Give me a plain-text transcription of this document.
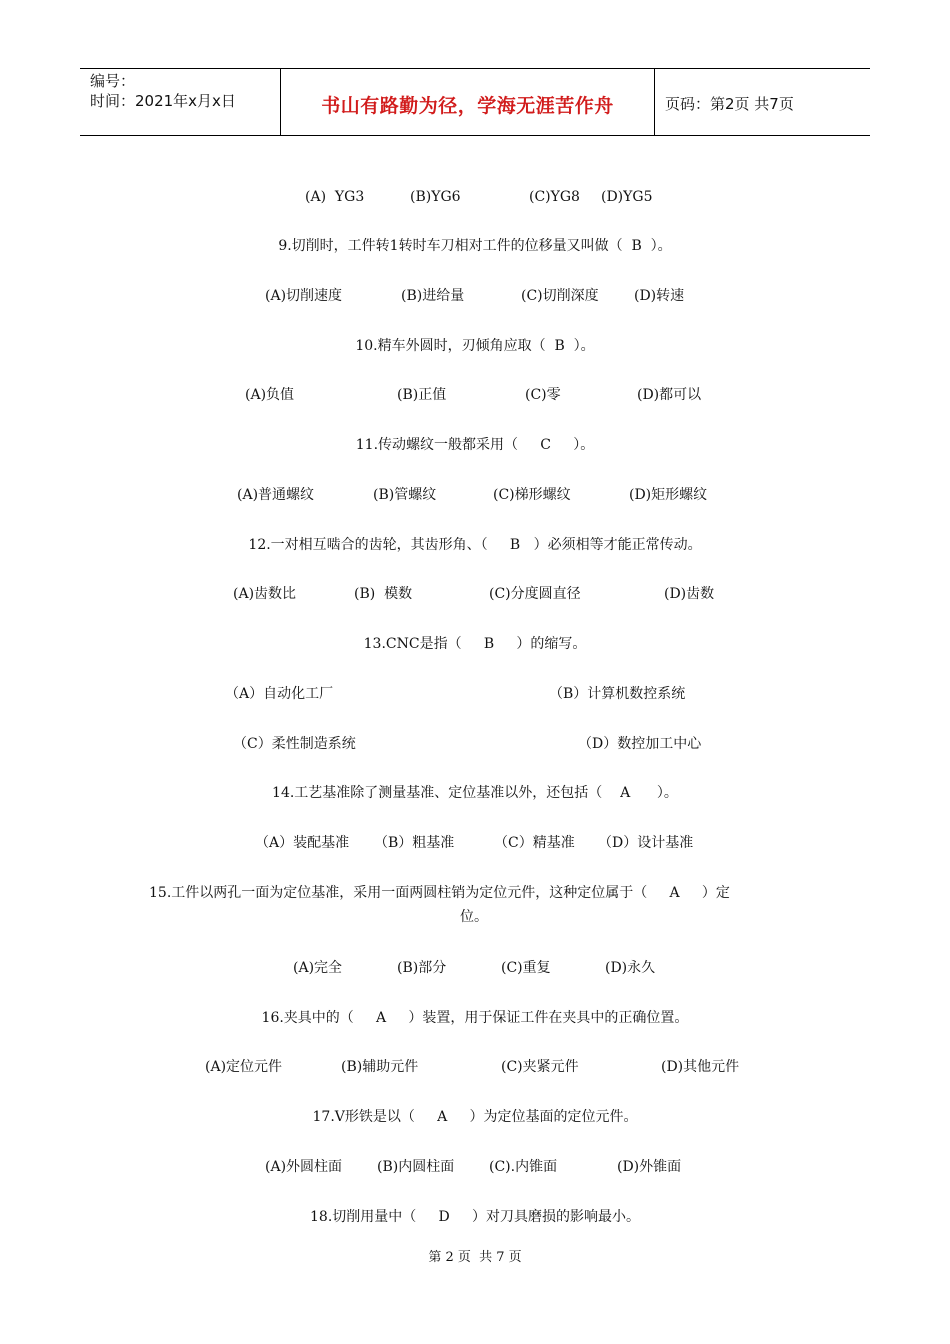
编号：
时间：2021年x月x日	书山有路勤为径，学海无涯苦作舟	页码：第2页 共7页
(A)  YG3	(B)YG6	(C)YG8 (D)YG5
9.切削时，工件转1转时车刀相对工件的位移量又叫做（  B  ）。
(A)切削速度	(B)进给量	(C)切削深度	(D)转速
10.精车外圆时，刃倾角应取（  B  ）。
(A)负值	(B)正值	(C)零	(D)都可以
11.传动螺纹一般都采用（     C     ）。
(A)普通螺纹	(B)管螺纹	(C)梯形螺纹	(D)矩形螺纹
12.一对相互啮合的齿轮，其齿形角、（     B   ）必须相等才能正常传动。
(A)齿数比	(B)  模数	(C)分度圆直径	(D)齿数
13.CNC是指（     B     ）的缩写。
（A）自动化工厂	（B）计算机数控系统
（C）柔性制造系统	（D）数控加工中心
14.工艺基准除了测量基准、定位基准以外，还包括（    A      ）。
（A）装配基准 （B）粗基准	（C）精基准 （D）设计基准
15.工件以两孔一面为定位基准，采用一面两圆柱销为定位元件，这种定位属于（     A     ）定
位。
(A)完全	(B)部分	(C)重复	(D)永久
16.夹具中的（     A     ）装置，用于保证工件在夹具中的正确位置。
(A)定位元件	(B)辅助元件	(C)夹紧元件	(D)其他元件
17.V形铁是以（     A     ）为定位基面的定位元件。
(A)外圆柱面 (B)内圆柱面 (C).内锥面	(D)外锥面
18.切削用量中（     D     ）对刀具磨损的影响最小。
第 2 页  共 7 页
